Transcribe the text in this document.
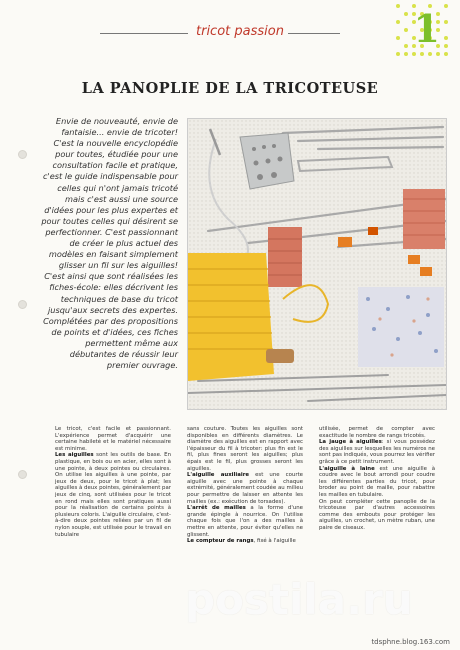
tricot passion	1
LA PANOPLIE DE LA TRICOTEUSE
Envie de nouveauté, envie de fantaisie... envie de tricoter! C'est la nouvelle encyclopédie pour toutes, étudiée pour une consultation facile et pratique, c'est le guide indispensable pour celles qui n'ont jamais tricoté mais c'est aussi une source d'idées pour les plus expertes et pour toutes celles qui désirent se perfectionner. C'est passionnant de créer le plus actuel des modèles en faisant simplement glisser un fil sur les aiguilles! C'est ainsi que sont réalisées les fiches-école: elles décrivent les techniques de base du tricot jusqu'aux secrets des expertes. Complétées par des propositions de points et d'idées, ces fiches permettent même aux débutantes de réussir leur premier ouvrage.
Le tricot, c'est facile et passionnant. L'expérience permet d'acquérir une certaine habileté et le matériel nécessaire est minime.
Les aiguilles sont les outils de base. En plastique, en bois ou en acier, elles sont à une pointe, à deux pointes ou circulaires. On utilise les aiguilles à une pointe, par jeux de deux, pour le tricot à plat; les aiguilles à deux pointes, généralement par jeux de cinq, sont utilisées pour le tricot en rond mais elles sont pratiques aussi pour la réalisation de certains points à plusieurs coloris. L'aiguille circulaire, c'est-à-dire deux pointes reliées par un fil de nylon souple, est utilisée pour le travail en tubulaire
sans couture. Toutes les aiguilles sont disponibles en différents diamètres. Le diamètre des aiguilles est en rapport avec l'épaisseur du fil à tricoter: plus fin est le fil, plus fines seront les aiguilles; plus épais est le fil, plus grosses seront les aiguilles.
L'aiguille auxiliaire est une courte aiguille avec une pointe à chaque extrémité, généralement coudée au milieu pour permettre de laisser en attente les mailles (ex.: exécution de torsades).
L'arrêt de mailles a la forme d'une grande épingle à nourrice. On l'utilise chaque fois que l'on a des mailles à mettre en attente, pour éviter qu'elles ne glissent.
Le compteur de rangs, fixé à l'aiguille
utilisée, permet de compter avec exactitude le nombre de rangs tricotés.
La jauge à aiguilles: si vous possédez des aiguilles sur lesquelles les numéros ne sont pas indiqués, vous pourrez les vérifier grâce à ce petit instrument.
L'aiguille à laine est une aiguille à coudre avec le bout arrondi pour coudre les différentes parties du tricot, pour broder au point de maille, pour rabattre les mailles en tubulaire.
On peut compléter cette panoplie de la tricoteuse par d'autres accessoires comme des embouts pour protéger les aiguilles, un crochet, un mètre ruban, une paire de ciseaux.
postila.ru
tdsphne.blog.163.com
